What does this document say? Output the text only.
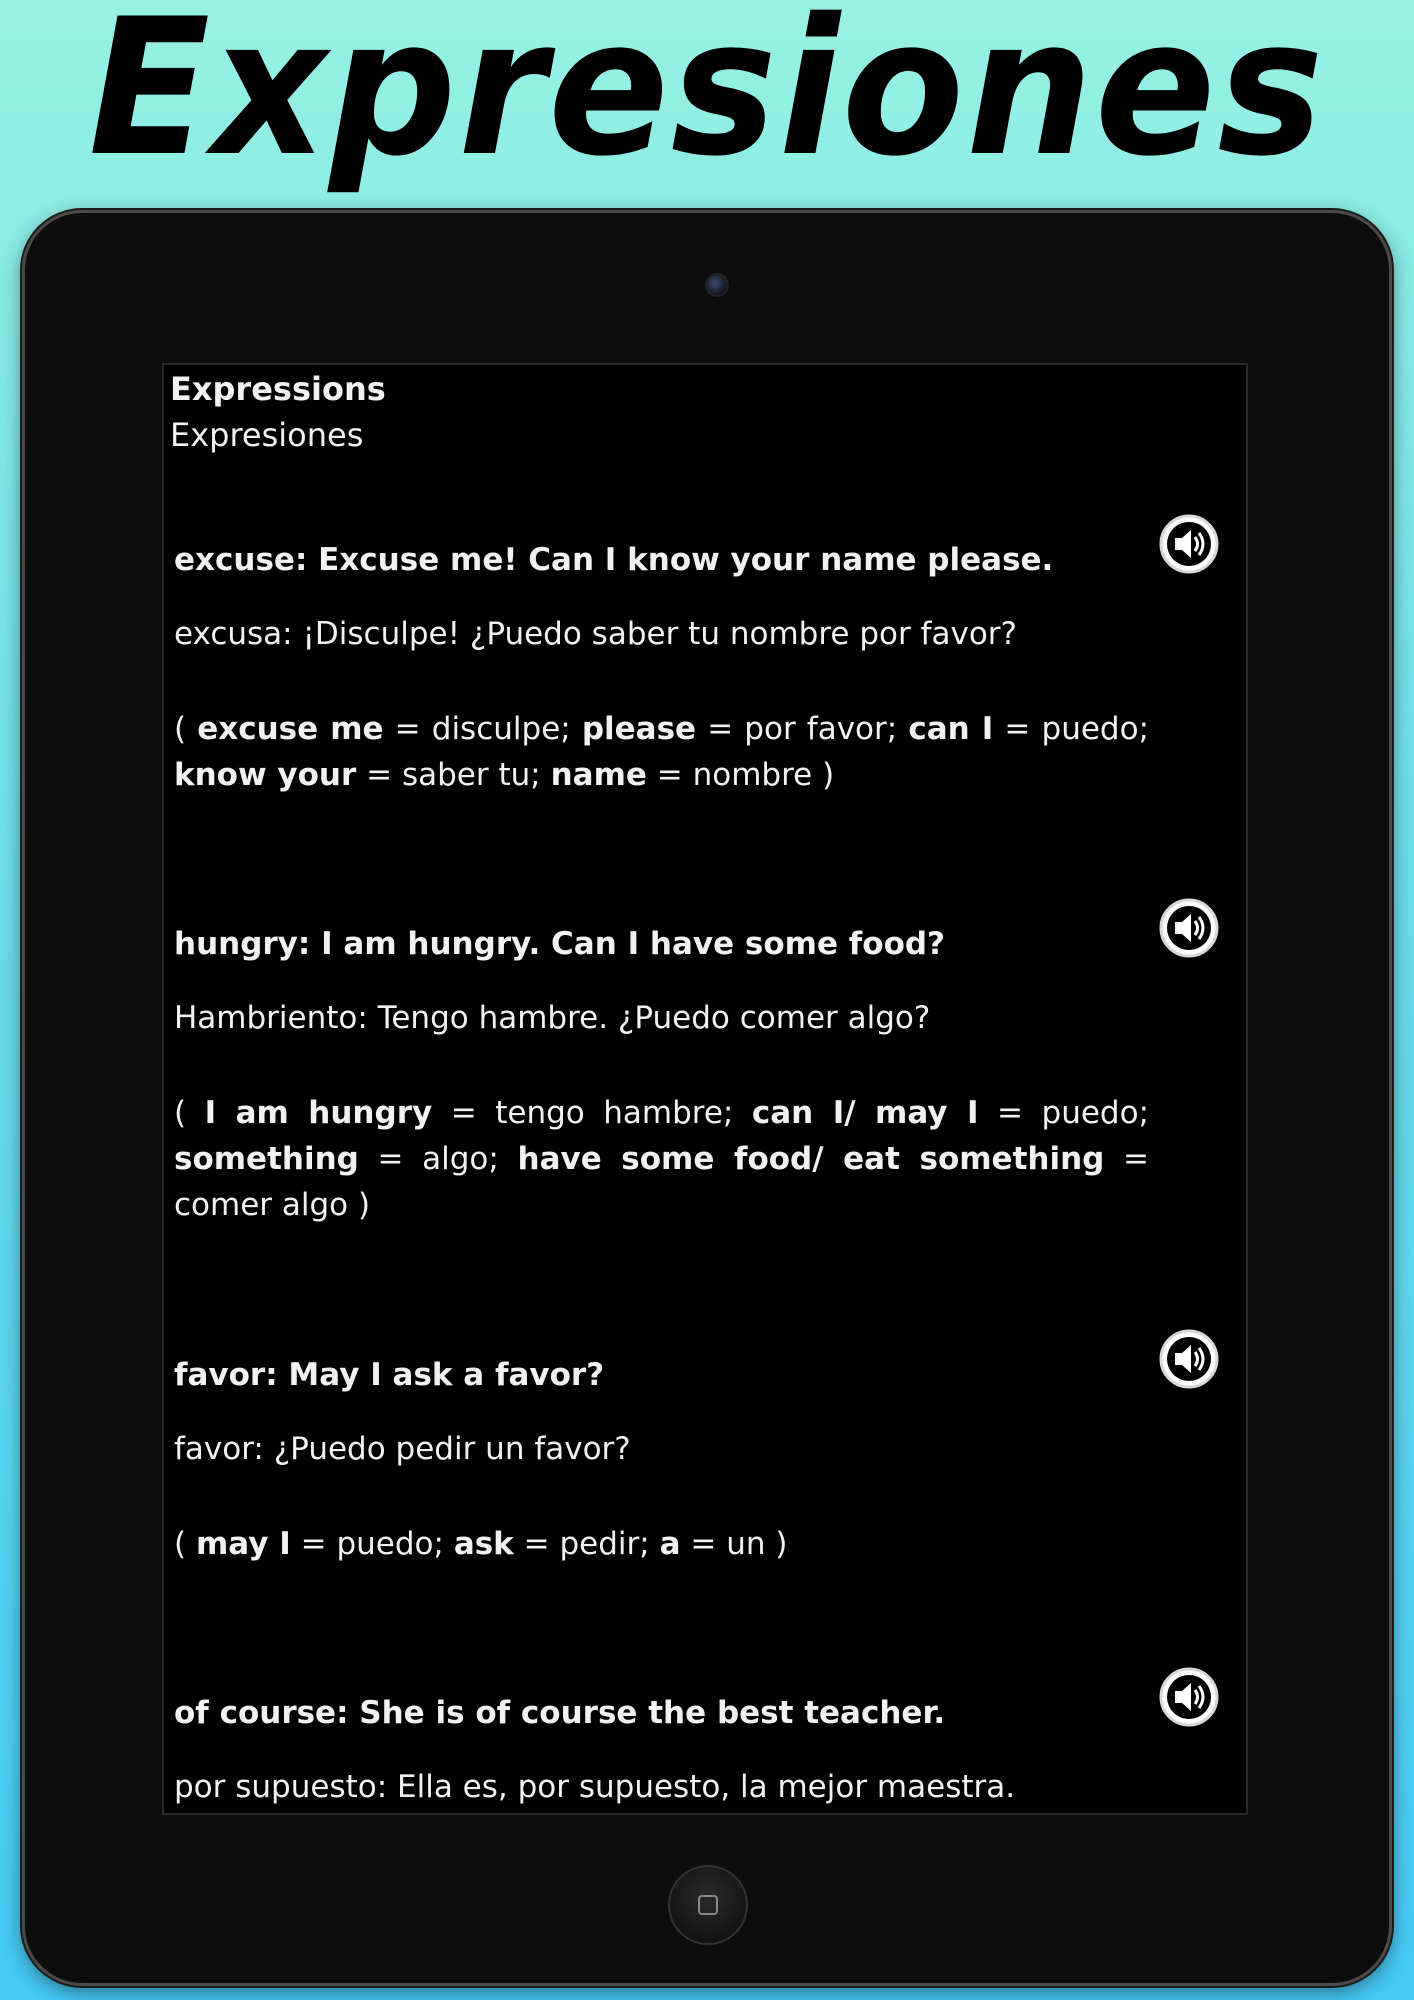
Expresiones
Expressions
Expresiones
excuse: Excuse me! Can I know your name please.
excusa: ¡Disculpe! ¿Puedo saber tu nombre por favor?
( excuse me = disculpe; please = por favor; can I = puedo; know your = saber tu; name = nombre )
hungry: I am hungry. Can I have some food?
Hambriento: Tengo hambre. ¿Puedo comer algo?
( I am hungry = tengo hambre; can I/ may I = puedo; something = algo; have some food/ eat something = comer algo )
favor: May I ask a favor?
favor: ¿Puedo pedir un favor?
( may I = puedo; ask = pedir; a = un )
of course: She is of course the best teacher.
por supuesto: Ella es, por supuesto, la mejor maestra.
